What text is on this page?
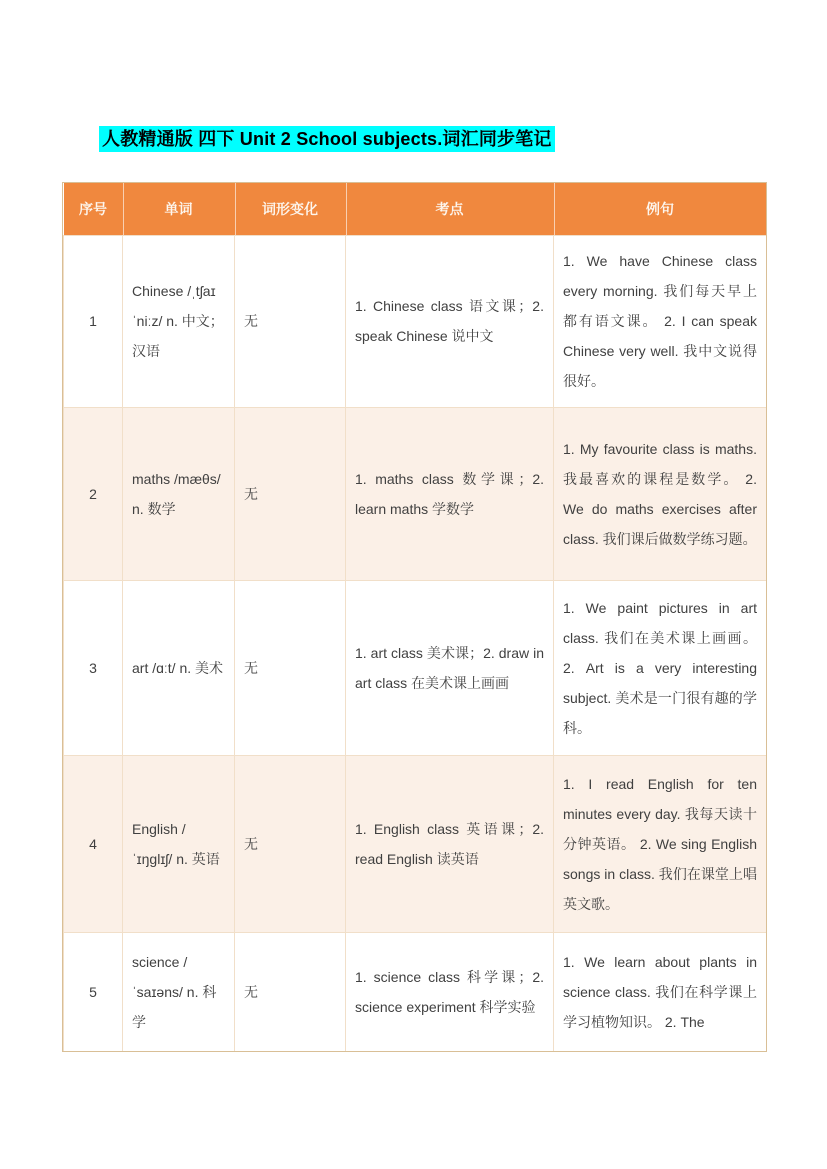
人教精通版 四下 Unit 2 School subjects.词汇同步笔记
序号	单词	词形变化	考点	例句
1	Chinese /ˌtʃaɪˈniːz/ n. 中文；汉语	无	1. Chinese class 语文课；2. speak Chinese 说中文	1. We have Chinese class every morning. 我们每天早上都有语文课。 2. I can speak Chinese very well. 我中文说得很好。
2	maths /mæθs/ n. 数学	无	1. maths class 数学课；2. learn maths 学数学	1. My favourite class is maths. 我最喜欢的课程是数学。 2. We do maths exercises after class. 我们课后做数学练习题。
3	art /ɑːt/ n. 美术	无	1. art class 美术课；2. draw in art class 在美术课上画画	1. We paint pictures in art class. 我们在美术课上画画。 2. Art is a very interesting subject. 美术是一门很有趣的学科。
4	English /ˈɪŋglɪʃ/ n. 英语	无	1. English class 英语课；2. read English 读英语	1. I read English for ten minutes every day. 我每天读十分钟英语。 2. We sing English songs in class. 我们在课堂上唱英文歌。
5	science /ˈsaɪəns/ n. 科学	无	1. science class 科学课；2. science experiment 科学实验	1. We learn about plants in science class. 我们在科学课上学习植物知识。 2. The
